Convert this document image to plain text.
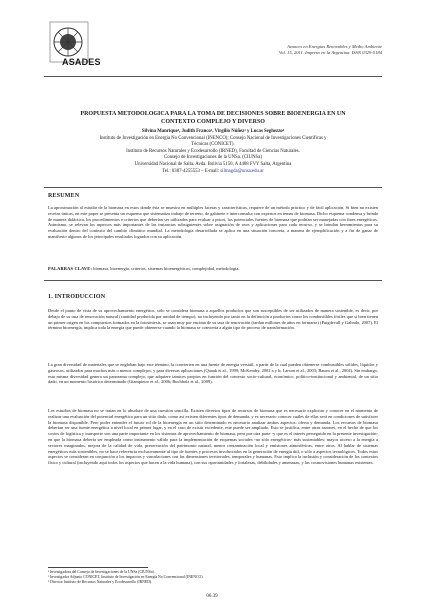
ASADES
Avances en Energías Renovables y Medio Ambiente
Vol. 15, 2011. Impreso en la Argentina. ISSN 0329-5184
PROPUESTA METODOLOGICA PARA LA TOMA DE DECISIONES SOBRE BIOENERGIA EN UN
CONTEXTO COMPLEJO Y DIVERSO
Silvina Manrique¹, Judith Franco², Virgilio Núñez³ y Lucas Seghezzo⁴
Instituto de Investigación en Energía No Convencional (INENCO); Consejo Nacional de Investigaciones Científicas y
Técnicas (CONICET).
Instituto de Recursos Naturales y Ecodesarrollo (IRNED), Facultad de Ciencias Naturales.
Consejo de Investigaciones de la UNSa. (CIUNSa)
Universidad Nacional de Salta. Avda. Bolivia 5150, A 4408 FVY Salta, Argentina
Tel.: 0387-4255553 – E-mail: silmagda@unsa.edu.ar
RESUMEN

La aproximación al estudio de la biomasa en estos donde ésta se muestra en múltiples facetas y características, requiere de un método práctico y de fácil aplicación. Si bien no existen recetas únicas, en este paper se presenta un esquema que sistematiza trabajo de terreno, de gabinete e interconsulta con expertos en temas de biomasa. Dicho esquema condensa y brinda de manera didáctica, los procedimientos e criterios que deberían ser utilizados para evaluar a priori, los potenciales fuentes de biomasa que podrían ser manejadas con fines energéticos. Asimismo, se relevan los aspectos más importantes de las instancias subsiguientes sobre asignación de usos y aplicaciones para cada recurso, y se brindan herramientas para su evaluación dentro del contexto del cambio climático mundial. La metodología desarrollada se aplica en una situación concreta, a manera de ejemplificación y a fin de ganar de manifiesto algunos de los principales resultados logrados con su aplicación.

PALABRAS CLAVE: biomasa, bioenergía, criterios, sistemas bioenergéticos, complejidad, metodología.

1. INTRODUCCION

Desde el punto de vista de su aprovechamiento energético, sólo se considera biomasa a aquellos productos que son susceptibles de ser utilizados de manera sostenible, es decir, por debajo de su tasa de renovación natural (cantidad producida por unidad de tiempo), no incluyendo por tanto en la definición a productos como los combustibles fósiles que si bien tienen un primer origen en los compuestos formados en la fotosíntesis, se usan muy por encima de su tasa de renovación (tardan millones de años en formarse) (Puigdevall y Galindo, 2007). El término bioenergía, implica toda la energía que puede obtenerse cuando la biomasa se convierta a algún tipo de proceso de transformación.

La gran diversidad de materiales que se engloban bajo este término, la convierten en una fuente de energía versátil, a partir de la cual pueden obtenerse combustibles sólidos, líquidos y gaseosos, utilizados para muchos más o menos complejos, y para diversas aplicaciones (Quaak et al., 1999; McKendry, 2002 a y b; Larson et al., 2003; Bauen et al., 2004). Sin embargo, esta misma diversidad genera un panorama complejo, que adquiere tamices propios en función del contexto socio-cultural, económico, político-institucional y ambiental, de un sitio dado, en un momento histórico determinado (Giampietro et al., 2006; Buchholz et al., 2009).

Los estudios de biomasa no se tratan en lo absoluto de una cuestión sencilla. Existen diversos tipos de recursos de biomasa que es necesario explicitar y conocer en el momento de realizar una evaluación del potencial energético para un sitio dado, como así existen diferentes tipos de demanda, y es necesario conocer cuáles de ellas será en condiciones de satisfacer la biomasa disponible. Pero poder entender el futuro rol de la bioenergía en un sitio determinado es necesario analizar ambos aspectos: oferta y demanda. Los recursos de biomasa deberían ser una fuente energética a nivel local en primer lugar, y en el caso de existir excedente, este puede ser ampliado. Esto se justifica, entre otras razones, en el hecho de que los costos de logística y transporte son una parte importante en los sistemas de aprovechamiento de biomasa, pero por otra parte -y que es el interés perseguido en la presente investigación- en que la biomasa debería ser empleada como instrumento válido para la implementación de esquemas sociales -no sólo energéticos- más sustentables: mayor acceso a la energía a sectores marginados, mejora de la calidad de vida, preservación del patrimonio natural, menor contaminación local y emisiones atmosféricas, entre otros. Al hablar de sistemas energéticos más sostenibles, no se hace referencia exclusivamente al tipo de fuentes y procesos involucrados en la generación de energía útil, o sólo a aspectos tecnológicos. Todos estos aspectos se consideran en conjunción a los impactos y vinculaciones con las dimensiones territoriales, temporales y humanas. Esto implica la inclusión y consideración de los contextos físico y cultural (incluyendo aquí todos los aspectos que hacen a la vida humana), con sus oportunidades y fortalezas, debilidades y amenazas, y las cosmovisiones humanas existentes.

¹ Investigadora del Consejo de Investigaciones de la UNSa (CIUNSa).
² Investigador Adjunto CONICET, Instituto de Investigación en Energía No Convencional (INENCO).
³ Director Instituto de Recursos Naturales y Ecodesarrollo (IRNED).
06.39
